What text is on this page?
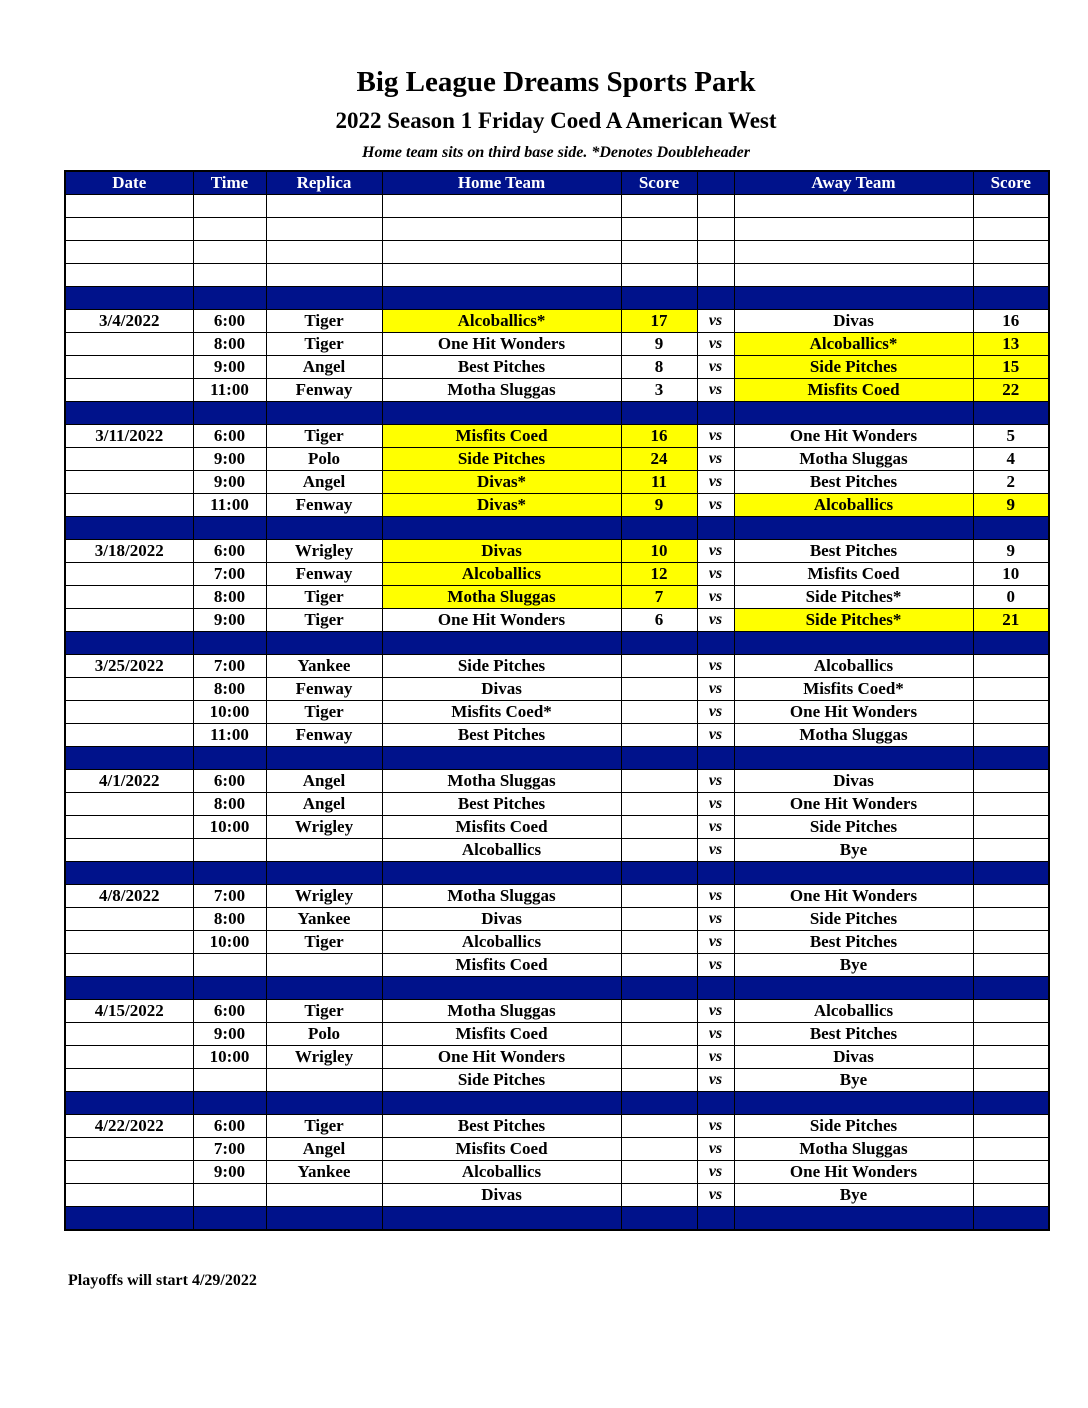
Big League Dreams Sports Park
2022 Season 1 Friday Coed A American West
Home team sits on third base side. *Denotes Doubleheader
Date	Time	Replica	Home Team	Score		Away Team	Score

3/4/2022	6:00	Tiger	Alcoballics*	17	vs	Divas	16
	8:00	Tiger	One Hit Wonders	9	vs	Alcoballics*	13
	9:00	Angel	Best Pitches	8	vs	Side Pitches	15
	11:00	Fenway	Motha Sluggas	3	vs	Misfits Coed	22

3/11/2022	6:00	Tiger	Misfits Coed	16	vs	One Hit Wonders	5
	9:00	Polo	Side Pitches	24	vs	Motha Sluggas	4
	9:00	Angel	Divas*	11	vs	Best Pitches	2
	11:00	Fenway	Divas*	9	vs	Alcoballics	9

3/18/2022	6:00	Wrigley	Divas	10	vs	Best Pitches	9
	7:00	Fenway	Alcoballics	12	vs	Misfits Coed	10
	8:00	Tiger	Motha Sluggas	7	vs	Side Pitches*	0
	9:00	Tiger	One Hit Wonders	6	vs	Side Pitches*	21

3/25/2022	7:00	Yankee	Side Pitches		vs	Alcoballics	
	8:00	Fenway	Divas		vs	Misfits Coed*	
	10:00	Tiger	Misfits Coed*		vs	One Hit Wonders	
	11:00	Fenway	Best Pitches		vs	Motha Sluggas	

4/1/2022	6:00	Angel	Motha Sluggas		vs	Divas	
	8:00	Angel	Best Pitches		vs	One Hit Wonders	
	10:00	Wrigley	Misfits Coed		vs	Side Pitches	
			Alcoballics		vs	Bye	

4/8/2022	7:00	Wrigley	Motha Sluggas		vs	One Hit Wonders	
	8:00	Yankee	Divas		vs	Side Pitches	
	10:00	Tiger	Alcoballics		vs	Best Pitches	
			Misfits Coed		vs	Bye	

4/15/2022	6:00	Tiger	Motha Sluggas		vs	Alcoballics	
	9:00	Polo	Misfits Coed		vs	Best Pitches	
	10:00	Wrigley	One Hit Wonders		vs	Divas	
			Side Pitches		vs	Bye	

4/22/2022	6:00	Tiger	Best Pitches		vs	Side Pitches	
	7:00	Angel	Misfits Coed		vs	Motha Sluggas	
	9:00	Yankee	Alcoballics		vs	One Hit Wonders	
			Divas		vs	Bye	

Playoffs will start 4/29/2022
